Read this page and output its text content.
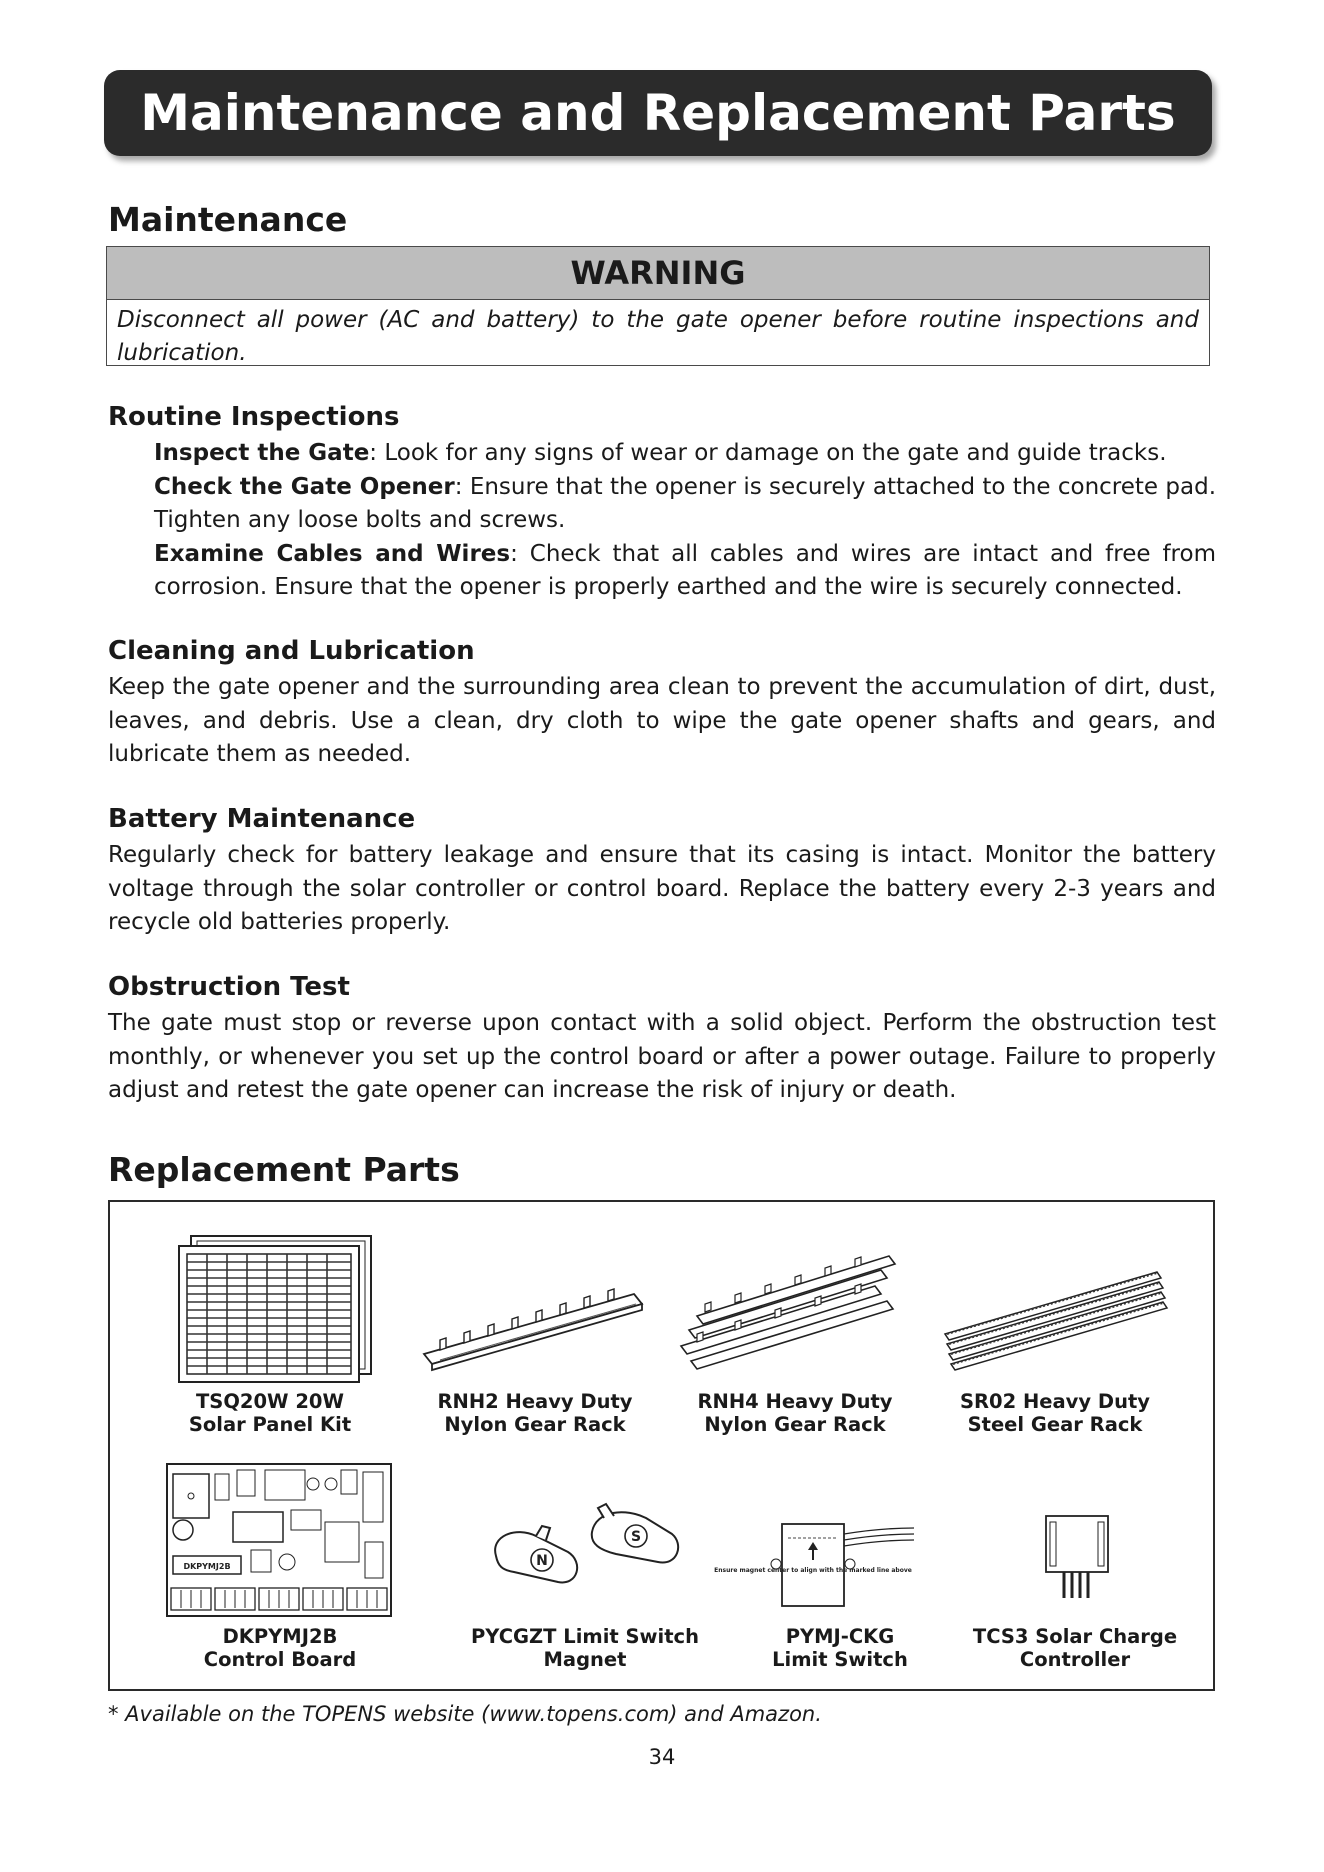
Maintenance and Replacement Parts
Maintenance
WARNING
Disconnect all power (AC and battery) to the gate opener before routine inspections and lubrication.
Routine Inspections

Inspect the Gate: Look for any signs of wear or damage on the gate and guide tracks.

Check the Gate Opener: Ensure that the opener is securely attached to the concrete pad. Tighten any loose bolts and screws.

Examine Cables and Wires: Check that all cables and wires are intact and free from corrosion. Ensure that the opener is properly earthed and the wire is securely connected.

Cleaning and Lubrication

Keep the gate opener and the surrounding area clean to prevent the accumulation of dirt, dust, leaves, and debris. Use a clean, dry cloth to wipe the gate opener shafts and gears, and lubricate them as needed.

Battery Maintenance

Regularly check for battery leakage and ensure that its casing is intact. Monitor the battery voltage through the solar controller or control board. Replace the battery every 2-3 years and recycle old batteries properly.

Obstruction Test

The gate must stop or reverse upon contact with a solid object. Perform the obstruction test monthly, or whenever you set up the control board or after a power outage. Failure to properly adjust and retest the gate opener can increase the risk of injury or death.

Replacement Parts
TSQ20W 20W
Solar Panel Kit
RNH2 Heavy Duty
Nylon Gear Rack
RNH4 Heavy Duty
Nylon Gear Rack
SR02 Heavy Duty
Steel Gear Rack
DKPYMJ2B
DKPYMJ2B
Control Board
N
S
PYCGZT Limit Switch
Magnet
Ensure magnet center to align with the marked line above
PYMJ-CKG
Limit Switch
TCS3 Solar Charge
Controller
* Available on the TOPENS website (www.topens.com) and Amazon.
34
